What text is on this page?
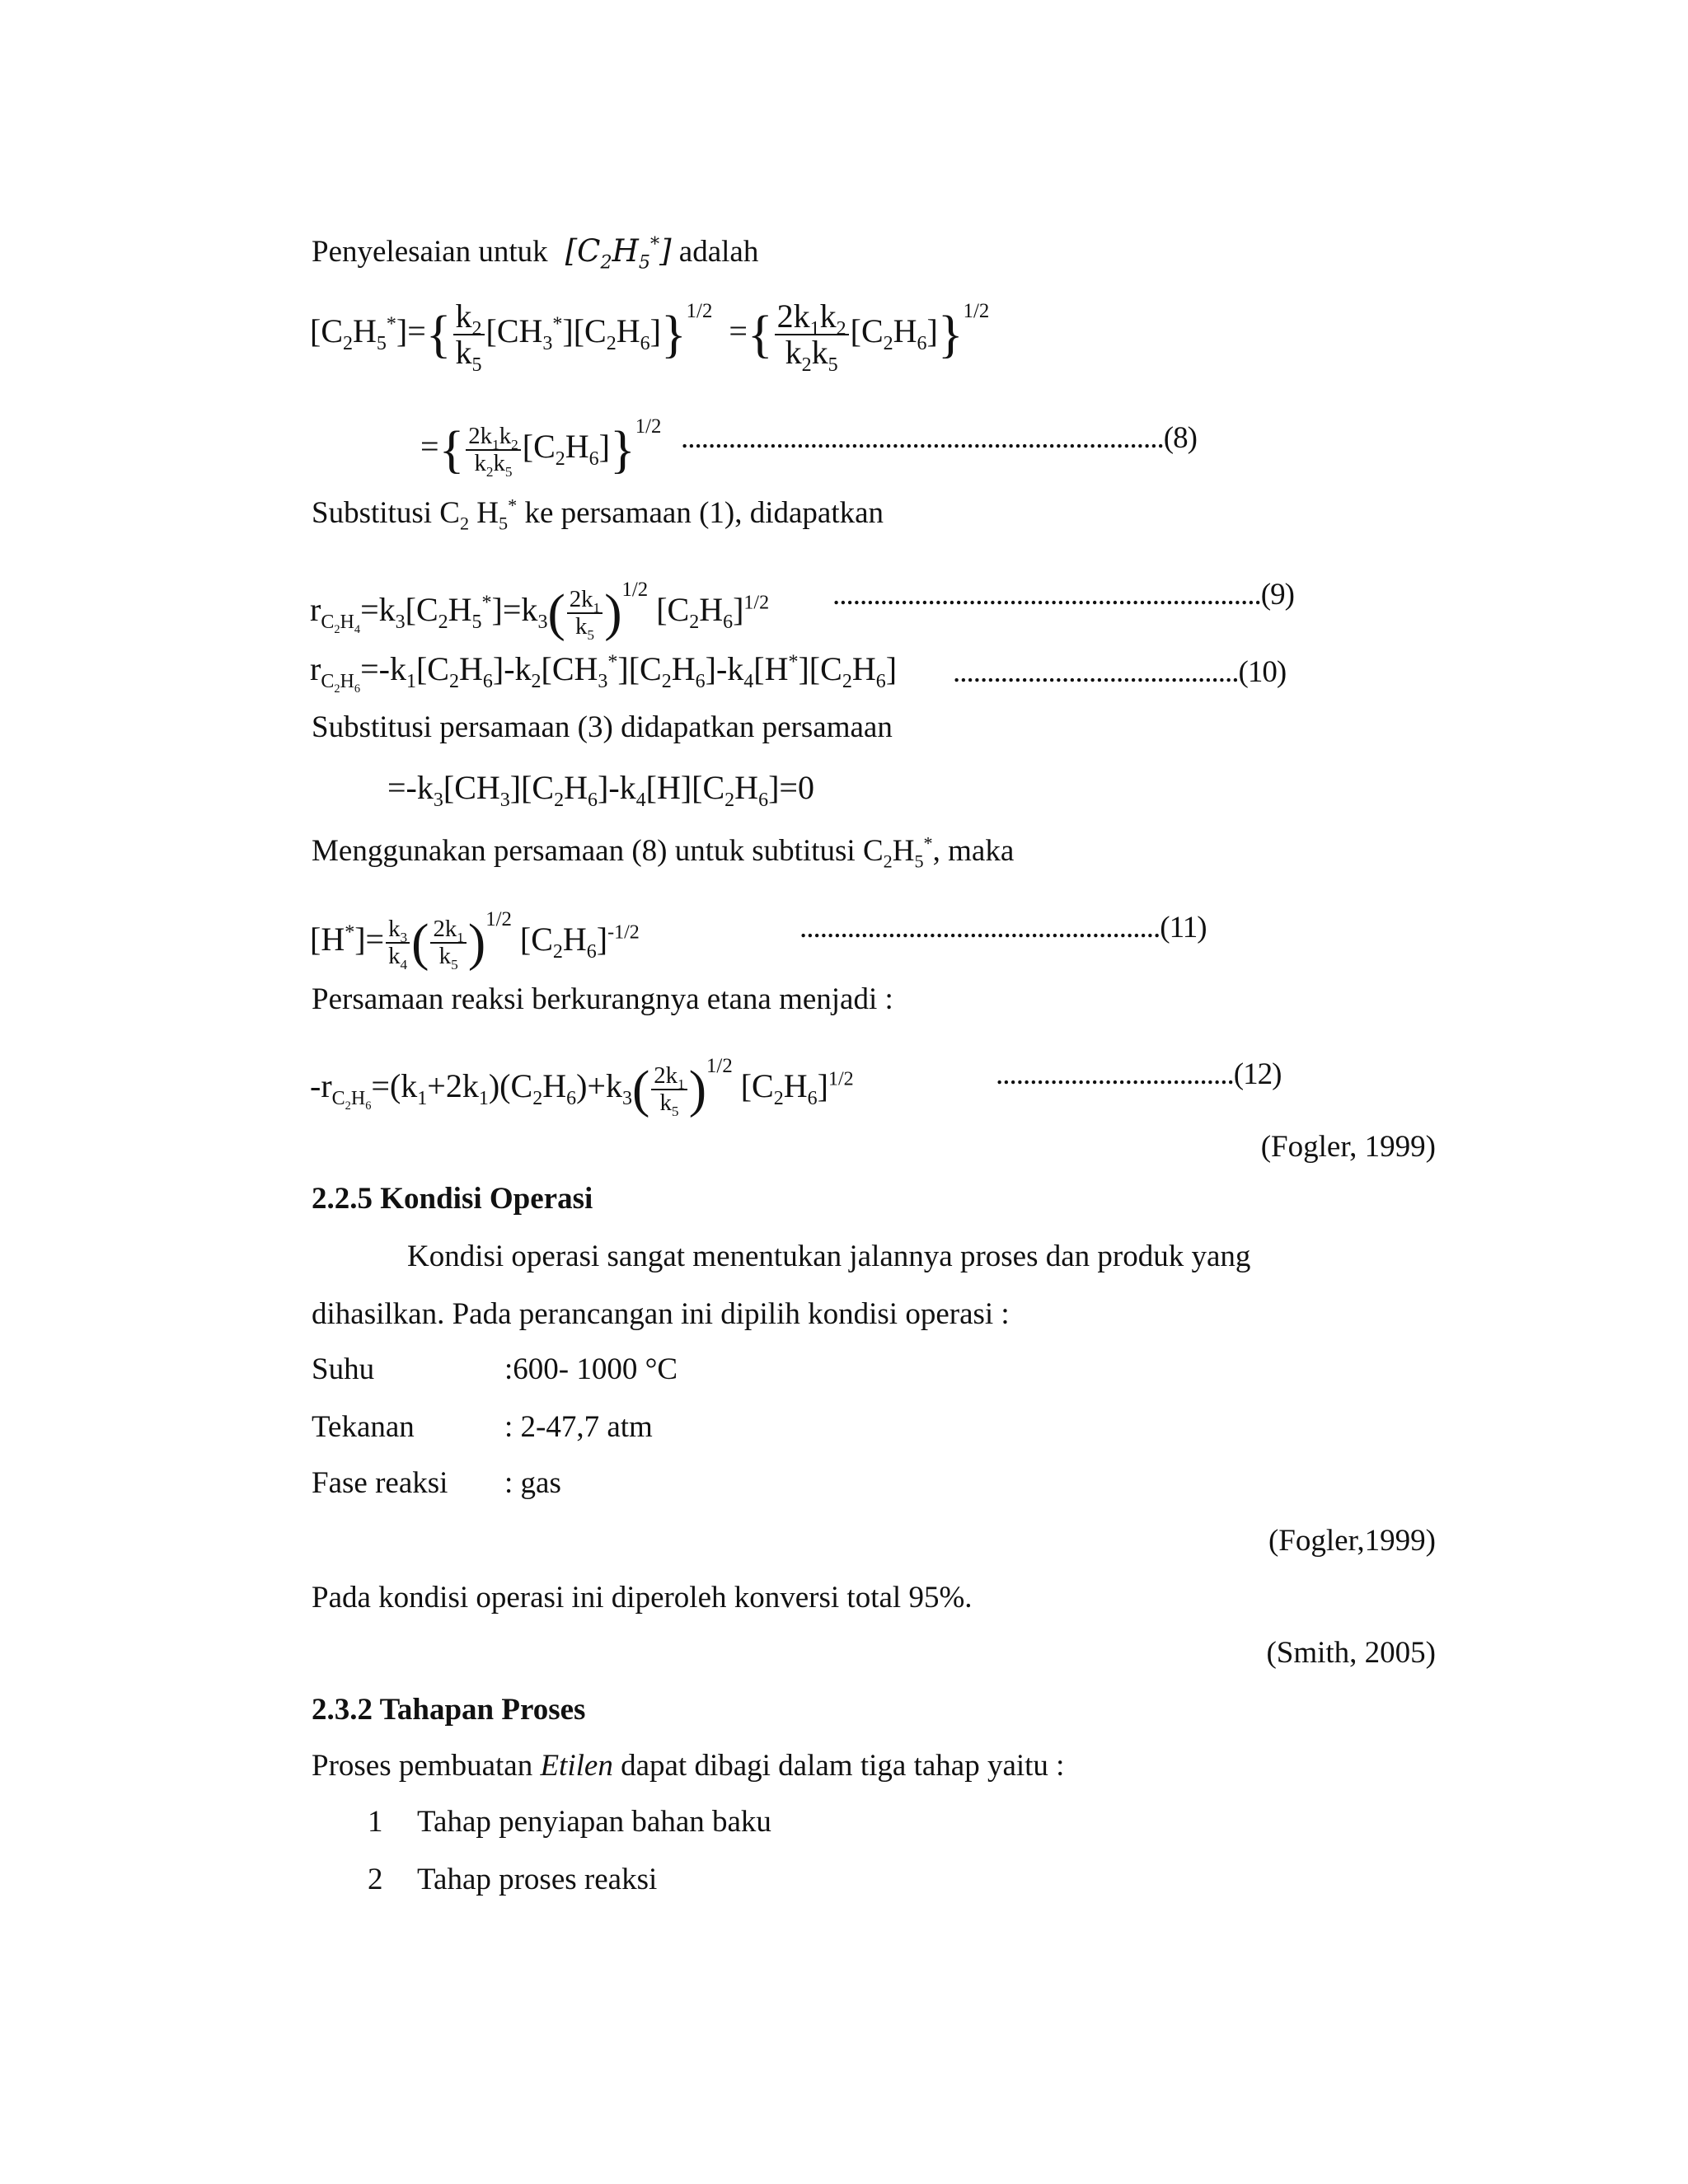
Penyelesaian untuk  $[C_2H_5^*]$ adalah
$[C_2H_5^*]=\{ \frac{k_2}{k_5} [CH_3^*][C_2H_6]\}^{1/2}$  ={ $\frac{2k_1k_2}{k_2k_5} [C_2H_6]\}^{1/2}$
={ $\frac{2k_1k_2}{k_2k_5} [C_2H_6]\}^{1/2}$ .......................................................................(8)
Substitusi $C_2$ $H_5^*$ ke persamaan (1), didapatkan
$r_{C_2H_4}=k_3[C_2H_5^*]=k_3( \frac{2k_1}{k_5} )^{1/2}$ $[C_2H_6]^{1/2}$ ...............................................................(9)
$r_{C_2H_6}=-k_1[C_2H_6]-k_2[CH_3^*][C_2H_6]-k_4[H^*][C_2H_6]$ ..........................................(10)
Substitusi persamaan (3) didapatkan persamaan
$=-k_3[CH_3][C_2H_6]-k_4[H][C_2H_6]=0$
Menggunakan persamaan (8) untuk subtitusi $C_2H_5^*$, maka
$[H^*]= \frac{k_3}{k_4}$ ( $\frac{2k_1}{k_5} )^{1/2}$ $[C_2H_6]^{-1/2}$	.....................................................(11)
Persamaan reaksi berkurangnya etana menjadi :
$-r_{C_2H_6}=(k_1+2k_1)(C_2H_6)+k_3( \frac{2k_1}{k_5} )^{1/2}$ $[C_2H_6]^{1/2}$	...................................(12)
(Fogler, 1999)
2.2.5 Kondisi Operasi
Kondisi operasi sangat menentukan jalannya proses dan produk yang
dihasilkan. Pada perancangan ini dipilih kondisi operasi :
Suhu	:600- 1000 °C
Tekanan	: 2-47,7 atm
Fase reaksi : gas
(Fogler,1999)
Pada kondisi operasi ini diperoleh konversi total 95%.
(Smith, 2005)
2.3.2 Tahapan Proses
Proses pembuatan Etilen dapat dibagi dalam tiga tahap yaitu :
1 Tahap penyiapan bahan baku
2 Tahap proses reaksi
